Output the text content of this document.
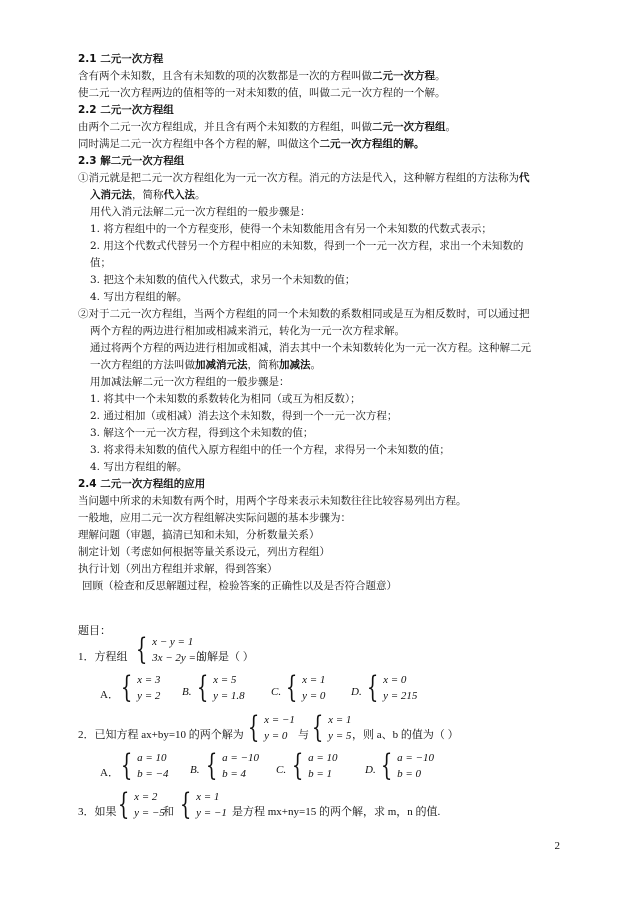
2.1 二元一次方程
含有两个未知数，且含有未知数的项的次数都是一次的方程叫做二元一次方程。
使二元一次方程两边的值相等的一对未知数的值，叫做二元一次方程的一个解。
2.2 二元一次方程组
由两个二元一次方程组成，并且含有两个未知数的方程组，叫做二元一次方程组。
同时满足二元一次方程组中各个方程的解，叫做这个二元一次方程组的解。
2.3 解二元一次方程组
①消元就是把二元一次方程组化为一元一次方程。消元的方法是代入，这种解方程组的方法称为代
入消元法，简称代入法。
用代入消元法解二元一次方程组的一般步骤是：
1. 将方程组中的一个方程变形，使得一个未知数能用含有另一个未知数的代数式表示；
2. 用这个代数式代替另一个方程中相应的未知数，得到一个一元一次方程，求出一个未知数的
值；
3. 把这个未知数的值代入代数式，求另一个未知数的值；
4. 写出方程组的解。
②对于二元一次方程组，当两个方程组的同一个未知数的系数相同或是互为相反数时，可以通过把
两个方程的两边进行相加或相减来消元，转化为一元一次方程求解。
通过将两个方程的两边进行相加或相减，消去其中一个未知数转化为一元一次方程。这种解二元
一次方程组的方法叫做加减消元法，简称加减法。
用加减法解二元一次方程组的一般步骤是：
1. 将其中一个未知数的系数转化为相同（或互为相反数）；
2. 通过相加（或相减）消去这个未知数，得到一个一元一次方程；
3. 解这个一元一次方程，得到这个未知数的值；
3. 将求得未知数的值代入原方程组中的任一个方程，求得另一个未知数的值；
4. 写出方程组的解。
2.4 二元一次方程组的应用
当问题中所求的未知数有两个时，用两个字母来表示未知数往往比较容易列出方程。
一般地，应用二元一次方程组解决实际问题的基本步骤为：
理解问题（审题，搞清已知和未知，分析数量关系）
制定计划（考虑如何根据等量关系设元，列出方程组）
执行计划（列出方程组并求解，得到答案）
回顾（检查和反思解题过程，检验答案的正确性以及是否符合题意）
题目：
1．方程组 { x − y = 1
3x − 2y = 5
的解是（ ）
A． { x = 3
y = 2 B. { x = 5
y = 1.8 C. { x = 1
y = 0 D. { x = 0
y = 215
2．已知方程 ax+by=10 的两个解为 { x = −1
y = 0 与 { x = 1
y = 5 ，则 a、b 的值为（ ）
A． { a = 10
b = −4 B. { a = −10
b = 4	C. { a = 10
b = 1	D. { a = −10
b = 0
3．如果 { x = 2
y = −5
和 { x = 1
y = −1 是方程 mx+ny=15 的两个解，求 m，n 的值.
2
